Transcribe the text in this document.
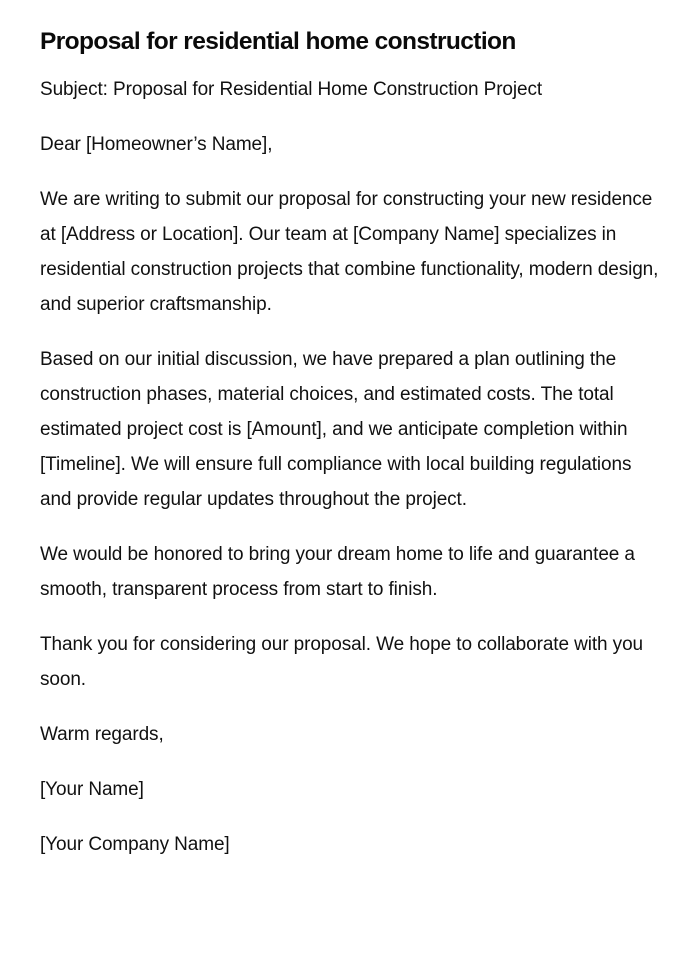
Proposal for residential home construction

Subject: Proposal for Residential Home Construction Project

Dear [Homeowner’s Name],

We are writing to submit our proposal for constructing your new residence at [Address or Location]. Our team at [Company Name] specializes in residential construction projects that combine functionality, modern design, and superior craftsmanship.

Based on our initial discussion, we have prepared a plan outlining the construction phases, material choices, and estimated costs. The total estimated project cost is [Amount], and we anticipate completion within [Timeline]. We will ensure full compliance with local building regulations and provide regular updates throughout the project.

We would be honored to bring your dream home to life and guarantee a smooth, transparent process from start to finish.

Thank you for considering our proposal. We hope to collaborate with you soon.

Warm regards,

[Your Name]

[Your Company Name]
